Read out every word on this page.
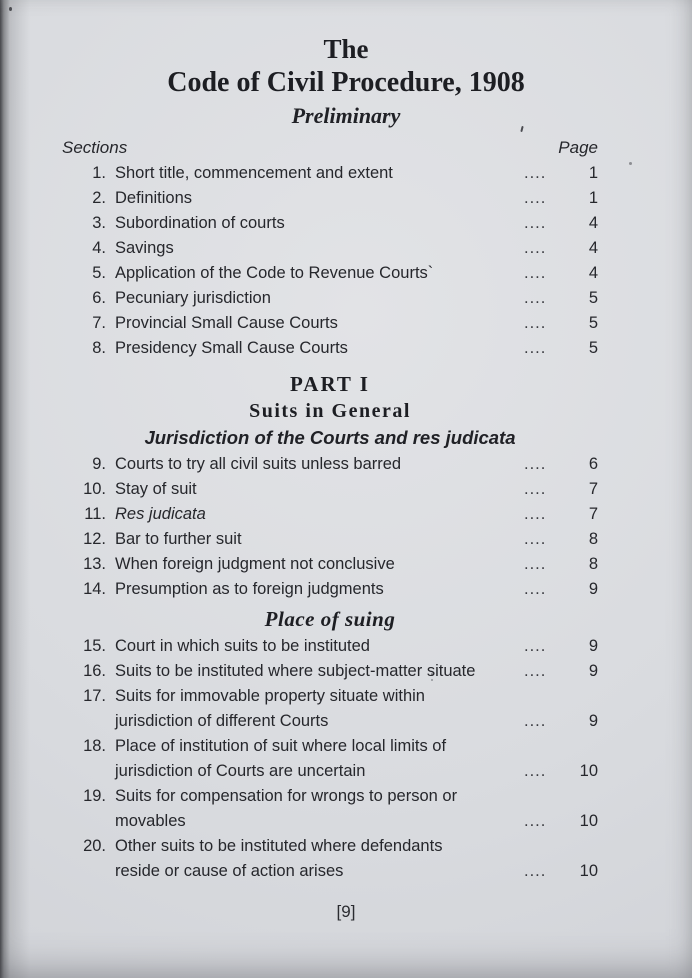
The
Code of Civil Procedure, 1908
Preliminary
Sections	Page
1. Short title, commencement and extent	....	1
2. Definitions	....	1
3. Subordination of courts	....	4
4. Savings	....	4
5. Application of the Code to Revenue Courts`	....	4
6. Pecuniary jurisdiction	....	5
7. Provincial Small Cause Courts	....	5
8. Presidency Small Cause Courts	....	5
PART I
Suits in General
Jurisdiction of the Courts and res judicata
9. Courts to try all civil suits unless barred	....	6
10. Stay of suit	....	7
11. Res judicata	....	7
12. Bar to further suit	....	8
13. When foreign judgment not conclusive	....	8
14. Presumption as to foreign judgments	....	9
Place of suing
15. Court in which suits to be instituted	....	9
16. Suits to be instituted where subject-matter situate	....	9
17. Suits for immovable property situate within
jurisdiction of different Courts	....	9
18. Place of institution of suit where local limits of
jurisdiction of Courts are uncertain	....	10
19. Suits for compensation for wrongs to person or
movables	....	10
20. Other suits to be instituted where defendants
reside or cause of action arises	....	10
[9]
